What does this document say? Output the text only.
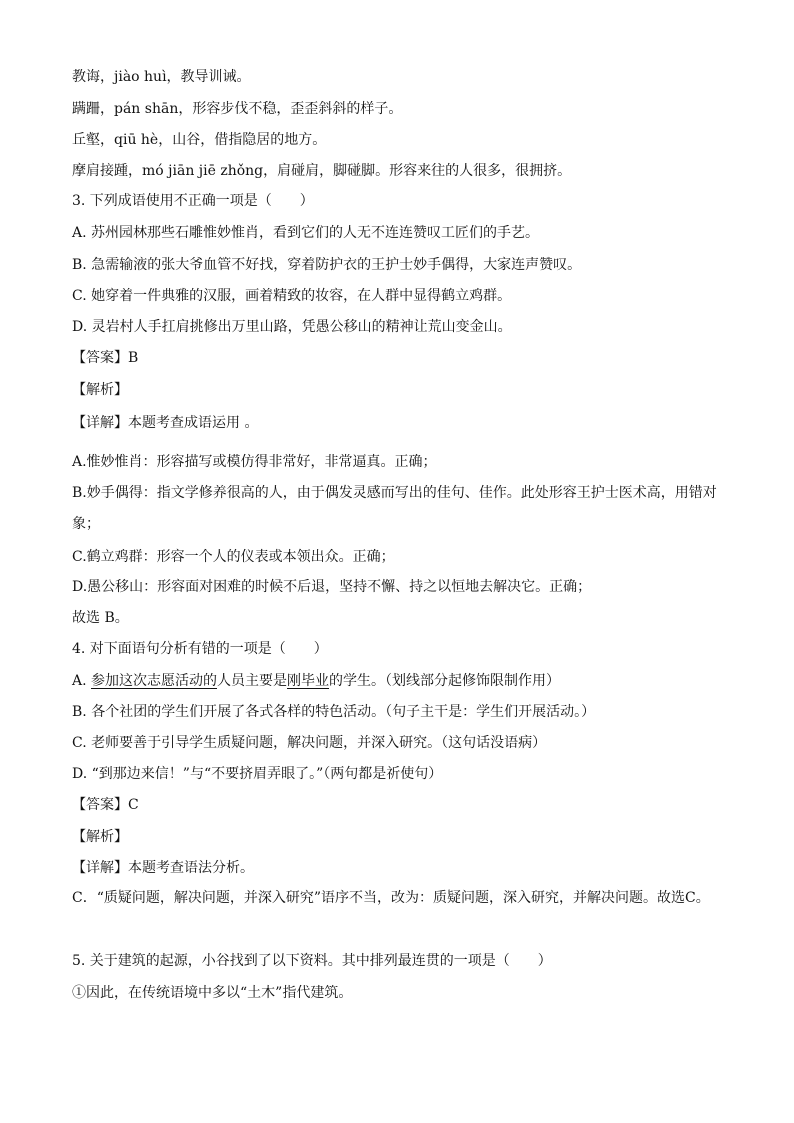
教诲，jiào huì，教导训诫。

蹒跚，pán shān，形容步伐不稳，歪歪斜斜的样子。

丘壑，qiū hè，山谷，借指隐居的地方。

摩肩接踵，mó jiān jiē zhǒng，肩碰肩，脚碰脚。形容来往的人很多，很拥挤。

3. 下列成语使用不正确一项是（　　）

A. 苏州园林那些石雕惟妙惟肖，看到它们的人无不连连赞叹工匠们的手艺。

B. 急需输液的张大爷血管不好找，穿着防护衣的王护士妙手偶得，大家连声赞叹。

C. 她穿着一件典雅的汉服，画着精致的妆容，在人群中显得鹤立鸡群。

D. 灵岩村人手扛肩挑修出万里山路，凭愚公移山的精神让荒山变金山。

【答案】B

【解析】

【详解】本题考查成语运用 。

A.惟妙惟肖：形容描写或模仿得非常好，非常逼真。正确；

B.妙手偶得：指文学修养很高的人，由于偶发灵感而写出的佳句、佳作。此处形容王护士医术高，用错对象；

C.鹤立鸡群：形容一个人的仪表或本领出众。正确；

D.愚公移山：形容面对困难的时候不后退，坚持不懈、持之以恒地去解决它。正确；

故选 B。

4. 对下面语句分析有错的一项是（　　）

A. 参加这次志愿活动的人员主要是刚毕业的学生。（划线部分起修饰限制作用）

B. 各个社团的学生们开展了各式各样的特色活动。（句子主干是：学生们开展活动。）

C. 老师要善于引导学生质疑问题，解决问题，并深入研究。（这句话没语病）

D. “到那边来信！”与“不要挤眉弄眼了。”（两句都是祈使句）

【答案】C

【解析】

【详解】本题考查语法分析。

C．“质疑问题，解决问题，并深入研究”语序不当，改为：质疑问题，深入研究，并解决问题。故选C。

5. 关于建筑的起源，小谷找到了以下资料。其中排列最连贯的一项是（　　）

①因此，在传统语境中多以“土木”指代建筑。
